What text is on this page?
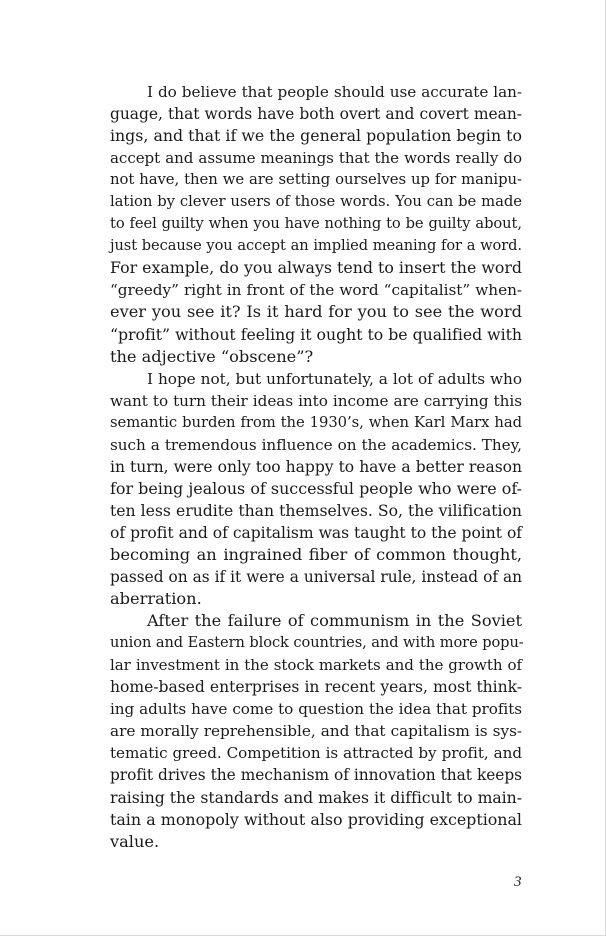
I do believe that people should use accurate lan-
guage, that words have both overt and covert mean-
ings, and that if we the general population begin to
accept and assume meanings that the words really do
not have, then we are setting ourselves up for manipu-
lation by clever users of those words. You can be made
to feel guilty when you have nothing to be guilty about,
just because you accept an implied meaning for a word.
For example, do you always tend to insert the word
“greedy” right in front of the word “capitalist” when-
ever you see it? Is it hard for you to see the word
“profit” without feeling it ought to be qualified with
the adjective “obscene”?
I hope not, but unfortunately, a lot of adults who
want to turn their ideas into income are carrying this
semantic burden from the 1930’s, when Karl Marx had
such a tremendous influence on the academics. They,
in turn, were only too happy to have a better reason
for being jealous of successful people who were of-
ten less erudite than themselves. So, the vilification
of profit and of capitalism was taught to the point of
becoming an ingrained fiber of common thought,
passed on as if it were a universal rule, instead of an
aberration.
After the failure of communism in the Soviet
union and Eastern block countries, and with more popu-
lar investment in the stock markets and the growth of
home-based enterprises in recent years, most think-
ing adults have come to question the idea that profits
are morally reprehensible, and that capitalism is sys-
tematic greed. Competition is attracted by profit, and
profit drives the mechanism of innovation that keeps
raising the standards and makes it difficult to main-
tain a monopoly without also providing exceptional
value.
3
